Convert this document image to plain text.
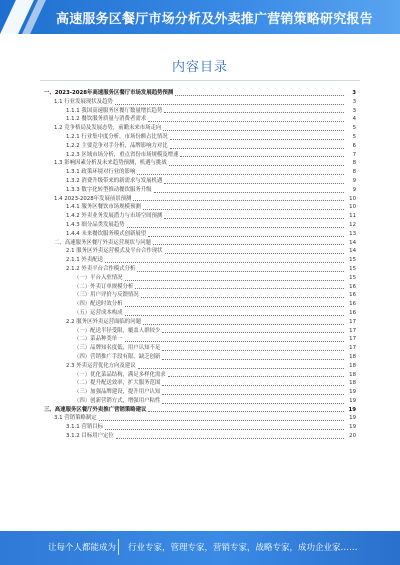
高速服务区餐厅市场分析及外卖推广营销策略研究报告
内容目录
一、2023-2028年高速服务区餐厅市场发展趋势预测	3
1.1 行业发展现状及趋势	3
1.1.1 我国高速服务区餐厅数量增长趋势	3
1.1.2 餐饮服务质量与消费者需求	4
1.2 竞争格局及发展态势，前瞻未来市场走向	5
1.2.1 行业集中度分析，市场份额占比情况	5
1.2.2 主要竞争对手分析，品牌影响力对比	6
1.2.3 区域市场分析，重点省份市场规模及增速	7
1.3 影响因素分析及未来趋势预测，机遇与挑战	8
1.3.1 政策环境对行业的影响	8
1.3.2 消费升级带来的新需求与发展机遇	9
1.3.3 数字化转型推动餐饮服务升级	9
1.4 2023-2028年发展前景预测	10
1.4.1 服务区餐饮市场规模预测	10
1.4.2 外卖业务发展潜力与市场空间预测	11
1.4.3 细分品类发展趋势	12
1.4.4 未来餐饮服务模式创新展望	13
二、高速服务区餐厅外卖运营现状与问题	14
2.1 服务区外卖运营模式及平台合作现状	14
2.1.1 外卖配送	15
2.1.2 外卖平台合作模式分析	15
（一）平台入驻情况	15
（二）外卖订单规模分析	16
（三）用户评价与反馈情况	16
（四）配送时效分析	16
（五）运营成本构成	16
2.2 服务区外卖运营面临的问题	17
（一）配送半径受限，覆盖人群较少	17
（二）菜品种类单一	17
（三）品牌知名度低，用户认知不足	17
（四）营销推广手段有限，缺乏创新	18
2.3 外卖运营优化方向及建议	18
（一）优化菜品结构，满足多样化需求	18
（二）提升配送效率，扩大服务范围	18
（三）加强品牌建设，提升用户认知	19
（四）创新营销方式，增强用户粘性	19
三、高速服务区餐厅外卖推广营销策略建议	19
3.1 营销策略制定	19
3.1.1 营销目标	19
3.1.2 目标用户定位	20
让每个人都能成为 行业专家，管理专家，营销专家，战略专家，成功企业家……
